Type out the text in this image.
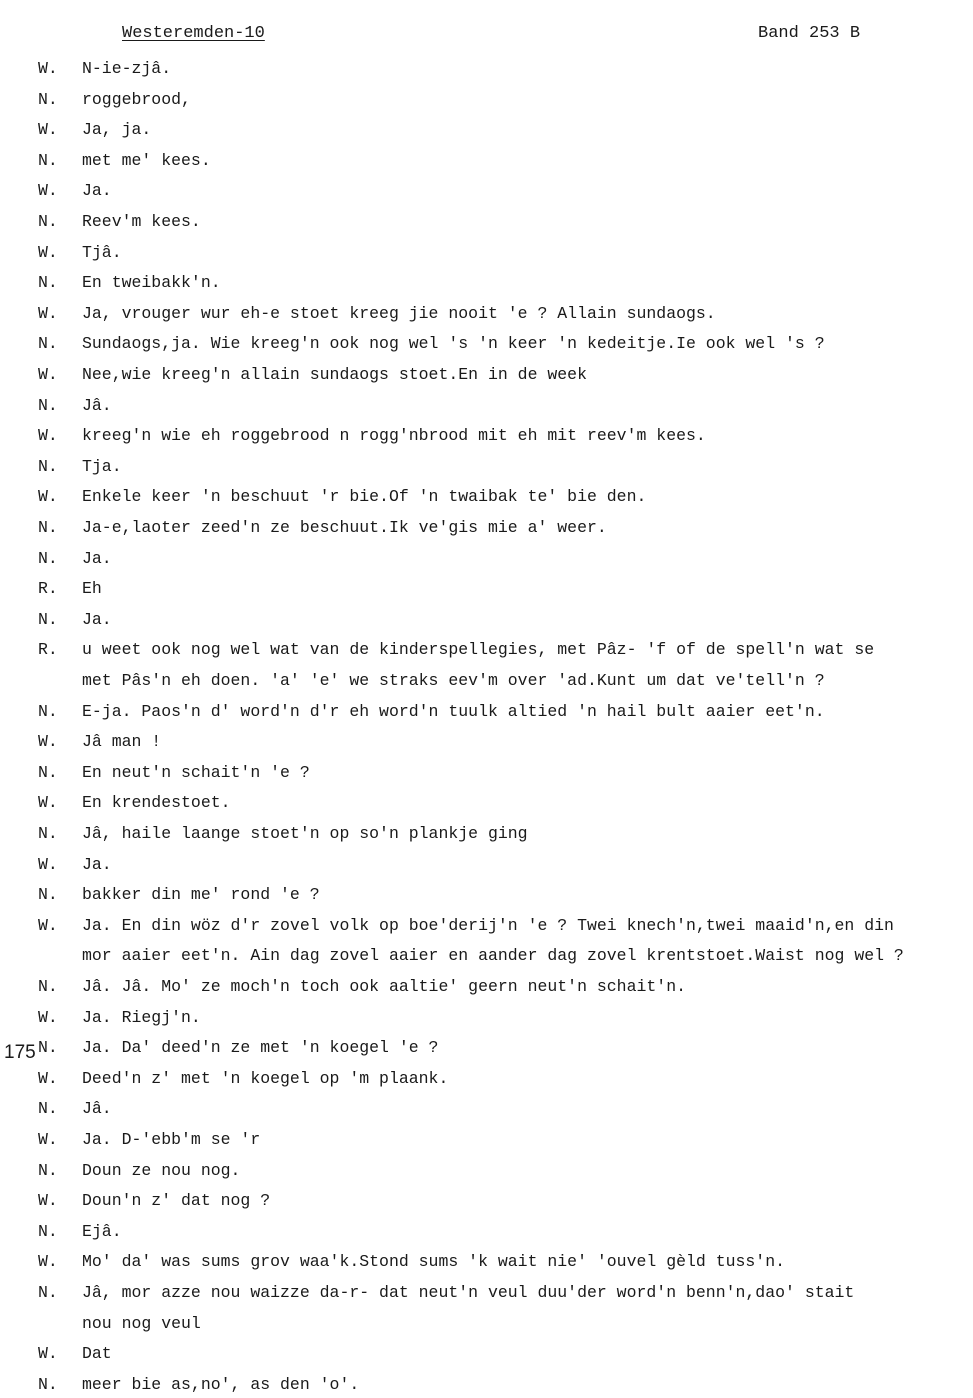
Westeremden-10	Band 253 B
175
W. N-ie-zjâ.
N. roggebrood,
W. Ja, ja.
N. met me' kees.
W. Ja.
N. Reev'm kees.
W. Tjâ.
N. En tweibakk'n.
W. Ja, vrouger wur eh-e stoet kreeg jie nooit 'e ? Allain sundaogs.
N. Sundaogs,ja. Wie kreeg'n ook nog wel 's 'n keer 'n kedeitje.Ie ook wel 's ?
W. Nee,wie kreeg'n allain sundaogs stoet.En in de week
N. Jâ.
W. kreeg'n wie eh roggebrood n rogg'nbrood mit eh mit reev'm kees.
N. Tja.
W. Enkele keer 'n beschuut 'r bie.Of 'n twaibak te' bie den.
N. Ja-e,laoter zeed'n ze beschuut.Ik ve'gis mie a' weer.
N. Ja.
R. Eh
N. Ja.
R. u weet ook nog wel wat van de kinderspellegies, met Pâz- 'f of de spell'n wat se
met Pâs'n eh doen. 'a' 'e' we straks eev'm over 'ad.Kunt um dat ve'tell'n ?
N. E-ja. Paos'n d' word'n d'r eh word'n tuulk altied 'n hail bult aaier eet'n.
W. Jâ man !
N. En neut'n schait'n 'e ?
W. En krendestoet.
N. Jâ, haile laange stoet'n op so'n plankje ging
W. Ja.
N. bakker din me' rond 'e ?
W. Ja. En din wöz d'r zovel volk op boe'derij'n 'e ? Twei knech'n,twei maaid'n,en din
mor aaier eet'n. Ain dag zovel aaier en aander dag zovel krentstoet.Waist nog wel ?
N. Jâ. Jâ. Mo' ze moch'n toch ook aaltie' geern neut'n schait'n.
W. Ja. Riegj'n.
N. Ja. Da' deed'n ze met 'n koegel 'e ?
W. Deed'n z' met 'n koegel op 'm plaank.
N. Jâ.
W. Ja. D-'ebb'm se 'r
N. Doun ze nou nog.
W. Doun'n z' dat nog ?
N. Ejâ.
W. Mo' da' was sums grov waa'k.Stond sums 'k wait nie' 'ouvel gèld tuss'n.
N. Jâ, mor azze nou waizze da-r- dat neut'n veul duu'der word'n benn'n,dao' stait
nou nog veul
W. Dat
N. meer bie as,no', as den 'o'.
